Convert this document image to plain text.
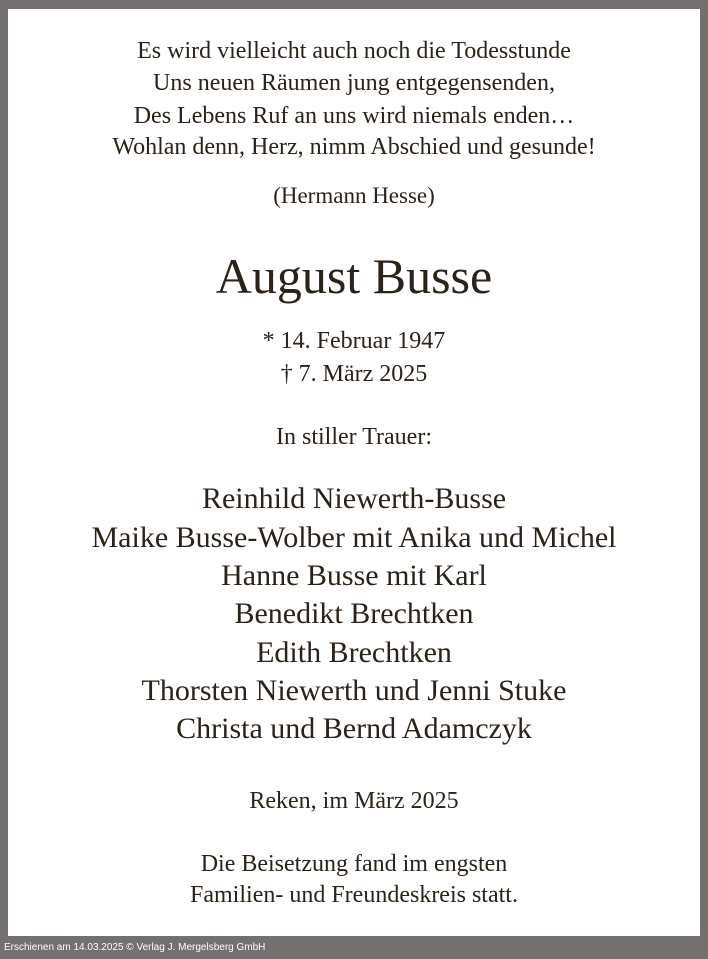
Es wird vielleicht auch noch die Todesstunde
Uns neuen Räumen jung entgegensenden,
Des Lebens Ruf an uns wird niemals enden…
Wohlan denn, Herz, nimm Abschied und gesunde!
(Hermann Hesse)
August Busse
* 14. Februar 1947
† 7. März 2025
In stiller Trauer:
Reinhild Niewerth-Busse
Maike Busse-Wolber mit Anika und Michel
Hanne Busse mit Karl
Benedikt Brechtken
Edith Brechtken
Thorsten Niewerth und Jenni Stuke
Christa und Bernd Adamczyk
Reken, im März 2025
Die Beisetzung fand im engsten
Familien- und Freundeskreis statt.
Erschienen am 14.03.2025 © Verlag J. Mergelsberg GmbH
